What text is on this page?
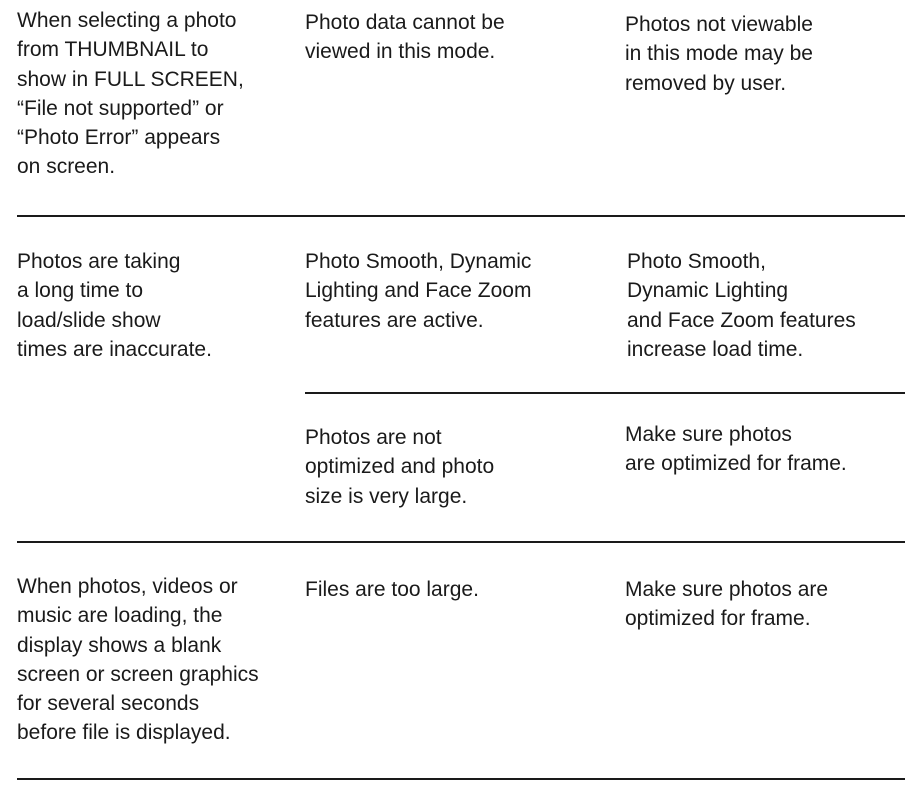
When selecting a photo
from THUMBNAIL to
show in FULL SCREEN,
“File not supported” or
“Photo Error” appears
on screen.

Photo data cannot be
viewed in this mode.

Photos not viewable
in this mode may be
removed by user.

Photos are taking
a long time to
load/slide show
times are inaccurate.

Photo Smooth, Dynamic
Lighting and Face Zoom
features are active.

Photo Smooth,
Dynamic Lighting
and Face Zoom features
increase load time.

Photos are not
optimized and photo
size is very large.

Make sure photos
are optimized for frame.

When photos, videos or
music are loading, the
display shows a blank
screen or screen graphics
for several seconds
before file is displayed.

Files are too large.	Make sure photos are
optimized for frame.
